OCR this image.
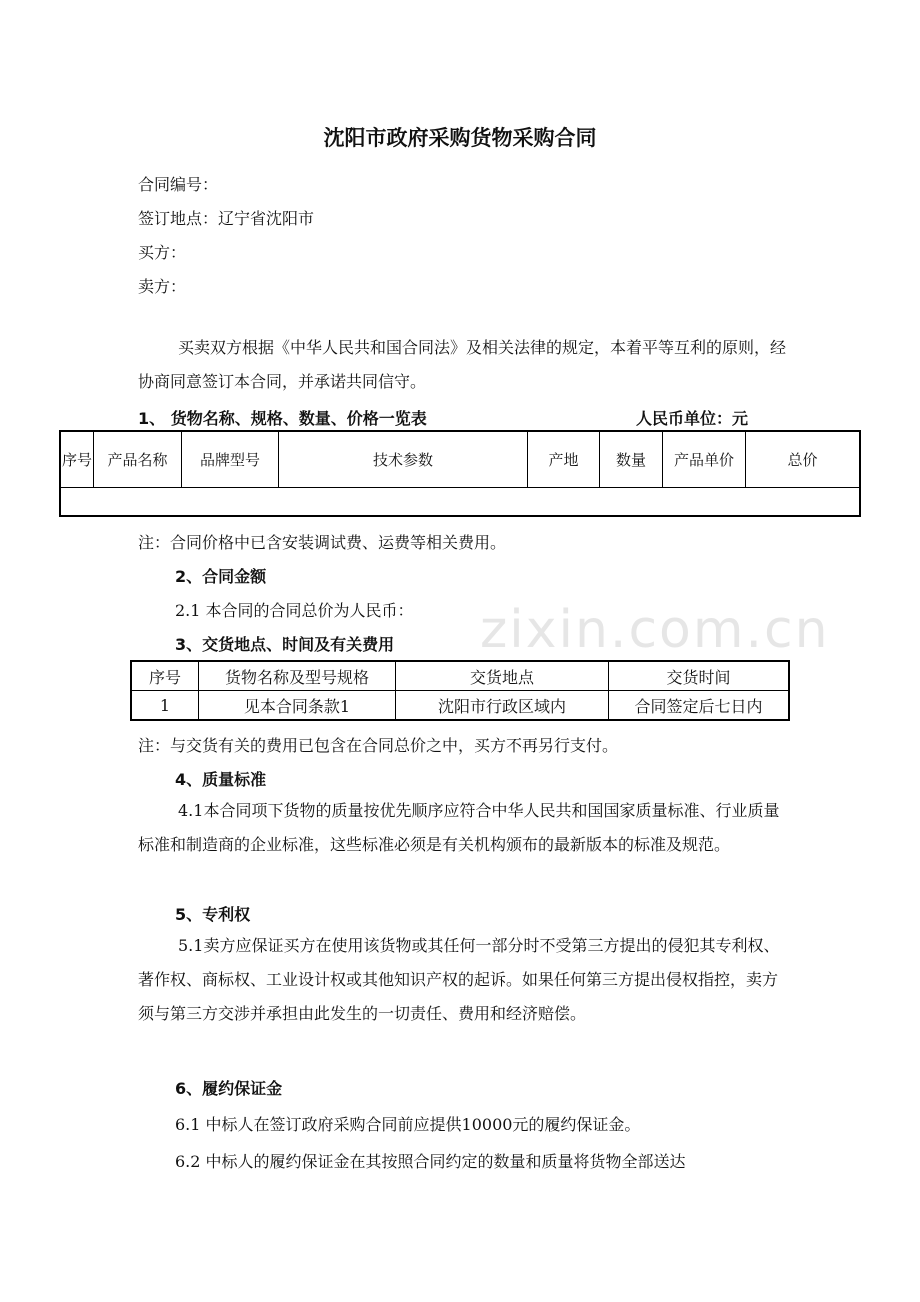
zixin.com.cn
沈阳市政府采购货物采购合同
合同编号：
签订地点：辽宁省沈阳市
买方：
卖方：
买卖双方根据《中华人民共和国合同法》及相关法律的规定，本着平等互利的原则，经协商同意签订本合同，并承诺共同信守。
1、 货物名称、规格、数量、价格一览表	人民币单位：元
序号	产品名称	品牌型号	技术参数	产地	数量	产品单价	总价

注：合同价格中已含安装调试费、运费等相关费用。
2、合同金额
2.1 本合同的合同总价为人民币：
3、交货地点、时间及有关费用
序号	货物名称及型号规格	交货地点	交货时间
1	见本合同条款1	沈阳市行政区域内	合同签定后七日内
注：与交货有关的费用已包含在合同总价之中，买方不再另行支付。
4、质量标准
4.1本合同项下货物的质量按优先顺序应符合中华人民共和国国家质量标准、行业质量标准和制造商的企业标准，这些标准必须是有关机构颁布的最新版本的标准及规范。
5、专利权
5.1卖方应保证买方在使用该货物或其任何一部分时不受第三方提出的侵犯其专利权、 著作权、商标权、工业设计权或其他知识产权的起诉。如果任何第三方提出侵权指控，卖方须与第三方交涉并承担由此发生的一切责任、费用和经济赔偿。
6、履约保证金
6.1 中标人在签订政府采购合同前应提供10000元的履约保证金。
6.2 中标人的履约保证金在其按照合同约定的数量和质量将货物全部送达
